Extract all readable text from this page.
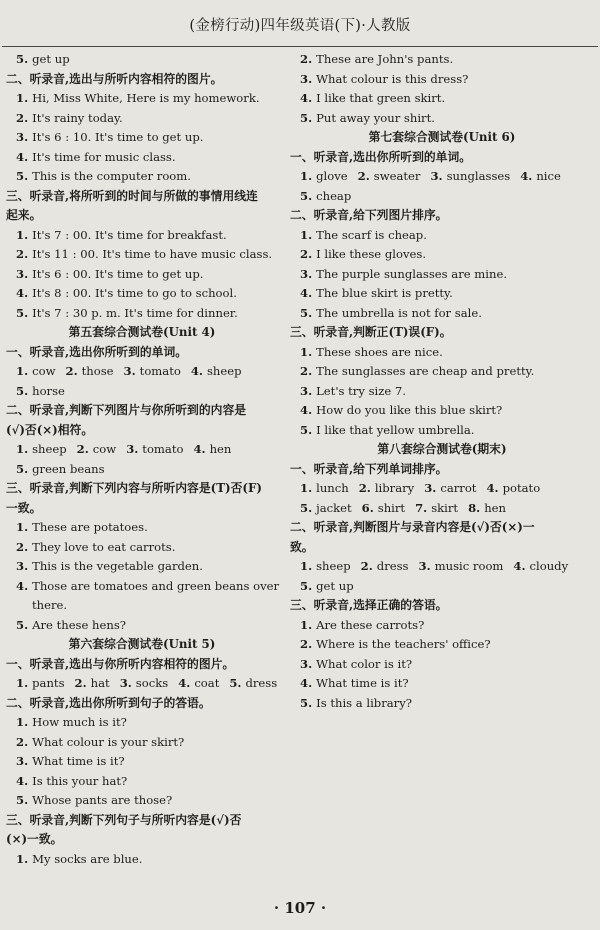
(金榜行动)四年级英语(下)·人教版
5. get up
二、听录音,选出与所听内容相符的图片。
1. Hi, Miss White, Here is my homework.
2. It's rainy today.
3. It's 6 : 10. It's time to get up.
4. It's time for music class.
5. This is the computer room.
三、听录音,将所听到的时间与所做的事情用线连
起来。
1. It's 7 : 00. It's time for breakfast.
2. It's 11 : 00. It's time to have music class.
3. It's 6 : 00. It's time to get up.
4. It's 8 : 00. It's time to go to school.
5. It's 7 : 30 p. m. It's time for dinner.
第五套综合测试卷(Unit 4)
一、听录音,选出你所听到的单词。
1. cow 2. those 3. tomato 4. sheep
5. horse
二、听录音,判断下列图片与你所听到的内容是
(√)否(×)相符。
1. sheep 2. cow 3. tomato 4. hen
5. green beans
三、听录音,判断下列内容与所听内容是(T)否(F)
一致。
1. These are potatoes.
2. They love to eat carrots.
3. This is the vegetable garden.
4. Those are tomatoes and green beans over
there.
5. Are these hens?
第六套综合测试卷(Unit 5)
一、听录音,选出与你所听内容相符的图片。
1. pants 2. hat 3. socks 4. coat 5. dress
二、听录音,选出你所听到句子的答语。
1. How much is it?
2. What colour is your skirt?
3. What time is it?
4. Is this your hat?
5. Whose pants are those?
三、听录音,判断下列句子与所听内容是(√)否
(×)一致。
1. My socks are blue.
2. These are John's pants.
3. What colour is this dress?
4. I like that green skirt.
5. Put away your shirt.
第七套综合测试卷(Unit 6)
一、听录音,选出你所听到的单词。
1. glove 2. sweater 3. sunglasses 4. nice
5. cheap
二、听录音,给下列图片排序。
1. The scarf is cheap.
2. I like these gloves.
3. The purple sunglasses are mine.
4. The blue skirt is pretty.
5. The umbrella is not for sale.
三、听录音,判断正(T)误(F)。
1. These shoes are nice.
2. The sunglasses are cheap and pretty.
3. Let's try size 7.
4. How do you like this blue skirt?
5. I like that yellow umbrella.
第八套综合测试卷(期末)
一、听录音,给下列单词排序。
1. lunch 2. library 3. carrot 4. potato
5. jacket 6. shirt 7. skirt 8. hen
二、听录音,判断图片与录音内容是(√)否(×)一
致。
1. sheep 2. dress 3. music room 4. cloudy
5. get up
三、听录音,选择正确的答语。
1. Are these carrots?
2. Where is the teachers' office?
3. What color is it?
4. What time is it?
5. Is this a library?
· 107 ·
